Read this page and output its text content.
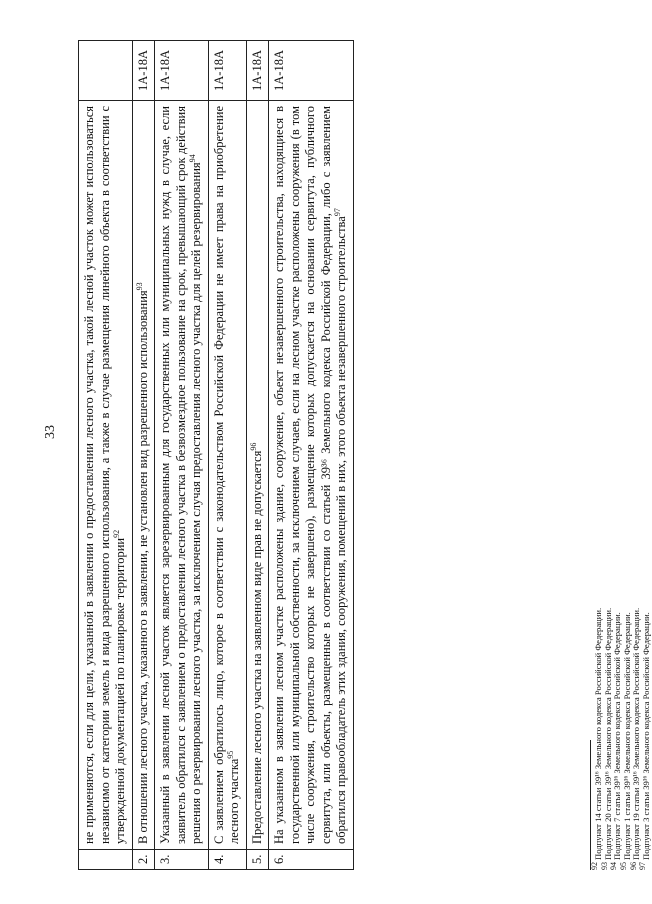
33
	не применяются, если для цели, указанной в заявлении о предоставлении лесного участка, такой лесной участок может использоваться независимо от категории земель и вида разрешенного использования, а также в случае размещения линейного объекта в соответствии с утвержденной документацией по планировке территории$^{92}$	
2.	В отношении лесного участка, указанного в заявлении, не установлен вид разрешенного использования$^{93}$	1А-18А
3.	Указанный в заявлении лесной участок является зарезервированным для государственных или муниципальных нужд в случае, если заявитель обратился с заявлением о предоставлении лесного участка в безвозмездное пользование на срок, превышающий срок действия решения о резервировании лесного участка, за исключением случая предоставления лесного участка для целей резервирования$^{94}$	1А-18А
4.	С заявлением обратилось лицо, которое в соответствии с законодательством Российской Федерации не имеет права на приобретение лесного участка$^{95}$	1А-18А
5.	Предоставление лесного участка на заявленном виде прав не допускается$^{96}$	1А-18А
6.	На указанном в заявлении лесном участке расположены здание, сооружение, объект незавершенного строительства, находящиеся в государственной или муниципальной собственности, за исключением случаев, если на лесном участке расположены сооружения (в том числе сооружения, строительство которых не завершено), размещение которых допускается на основании сервитута, публичного сервитута, или объекты, размещенные в соответствии со статьей 39³⁶ Земельного кодекса Российской Федерации, либо с заявлением обратился правообладатель этих здания, сооружения, помещений в них, этого объекта незавершенного строительства$^{97}$	1А-18А
$^{92}$Подпункт 14 статьи 39¹⁶ Земельного кодекса Российской Федерации.
$^{93}$Подпункт 20 статьи 39¹⁶ Земельного кодекса Российской Федерации.
$^{94}$Подпункт 7 статьи 39¹⁶ Земельного кодекса Российской Федерации.
$^{95}$Подпункт 1 статьи 39¹⁶ Земельного кодекса Российской Федерации.
$^{96}$Подпункт 19 статьи 39¹⁶ Земельного кодекса Российской Федерации.
$^{97}$Подпункт 3 статьи 39¹⁶ Земельного кодекса Российской Федерации.
